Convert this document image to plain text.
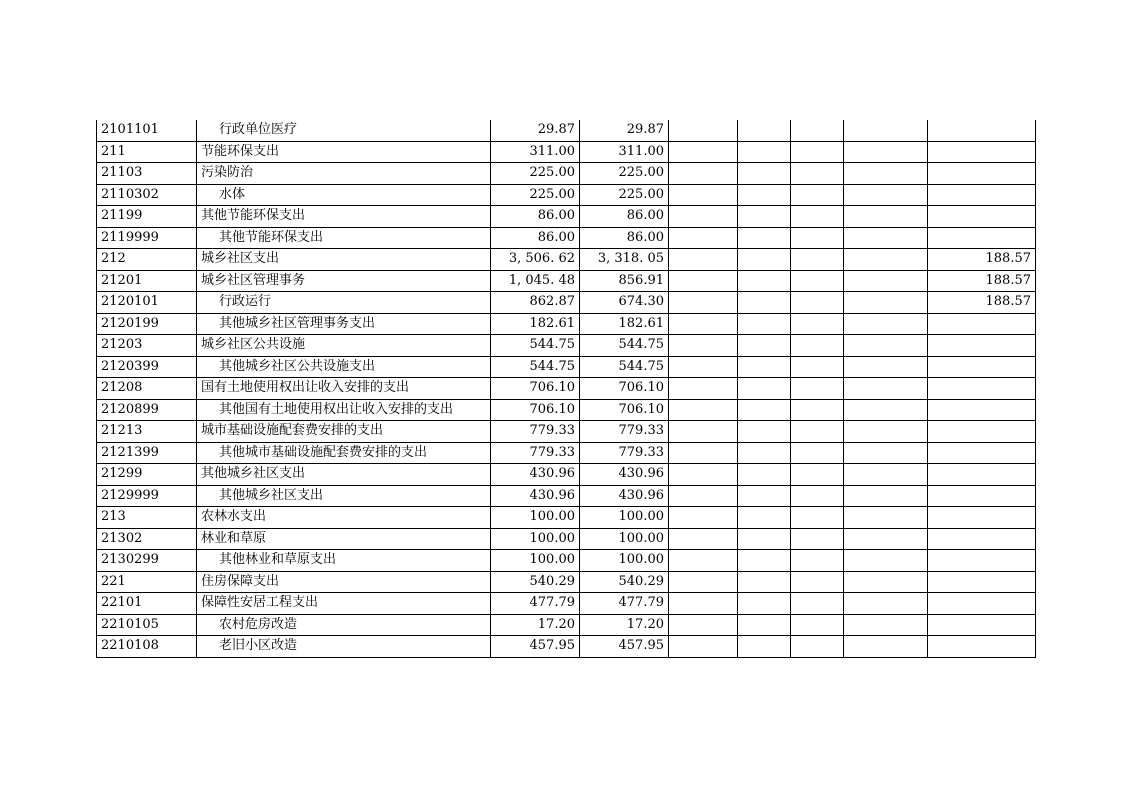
2101101	行政单位医疗	29.87	29.87					
211	节能环保支出	311.00	311.00					
21103	污染防治	225.00	225.00					
2110302	水体	225.00	225.00					
21199	其他节能环保支出	86.00	86.00					
2119999	其他节能环保支出	86.00	86.00					
212	城乡社区支出	3, 506. 62	3, 318. 05					188.57
21201	城乡社区管理事务	1, 045. 48	856.91					188.57
2120101	行政运行	862.87	674.30					188.57
2120199	其他城乡社区管理事务支出	182.61	182.61					
21203	城乡社区公共设施	544.75	544.75					
2120399	其他城乡社区公共设施支出	544.75	544.75					
21208	国有土地使用权出让收入安排的支出	706.10	706.10					
2120899	其他国有土地使用权出让收入安排的支出	706.10	706.10					
21213	城市基础设施配套费安排的支出	779.33	779.33					
2121399	其他城市基础设施配套费安排的支出	779.33	779.33					
21299	其他城乡社区支出	430.96	430.96					
2129999	其他城乡社区支出	430.96	430.96					
213	农林水支出	100.00	100.00					
21302	林业和草原	100.00	100.00					
2130299	其他林业和草原支出	100.00	100.00					
221	住房保障支出	540.29	540.29					
22101	保障性安居工程支出	477.79	477.79					
2210105	农村危房改造	17.20	17.20					
2210108	老旧小区改造	457.95	457.95					
